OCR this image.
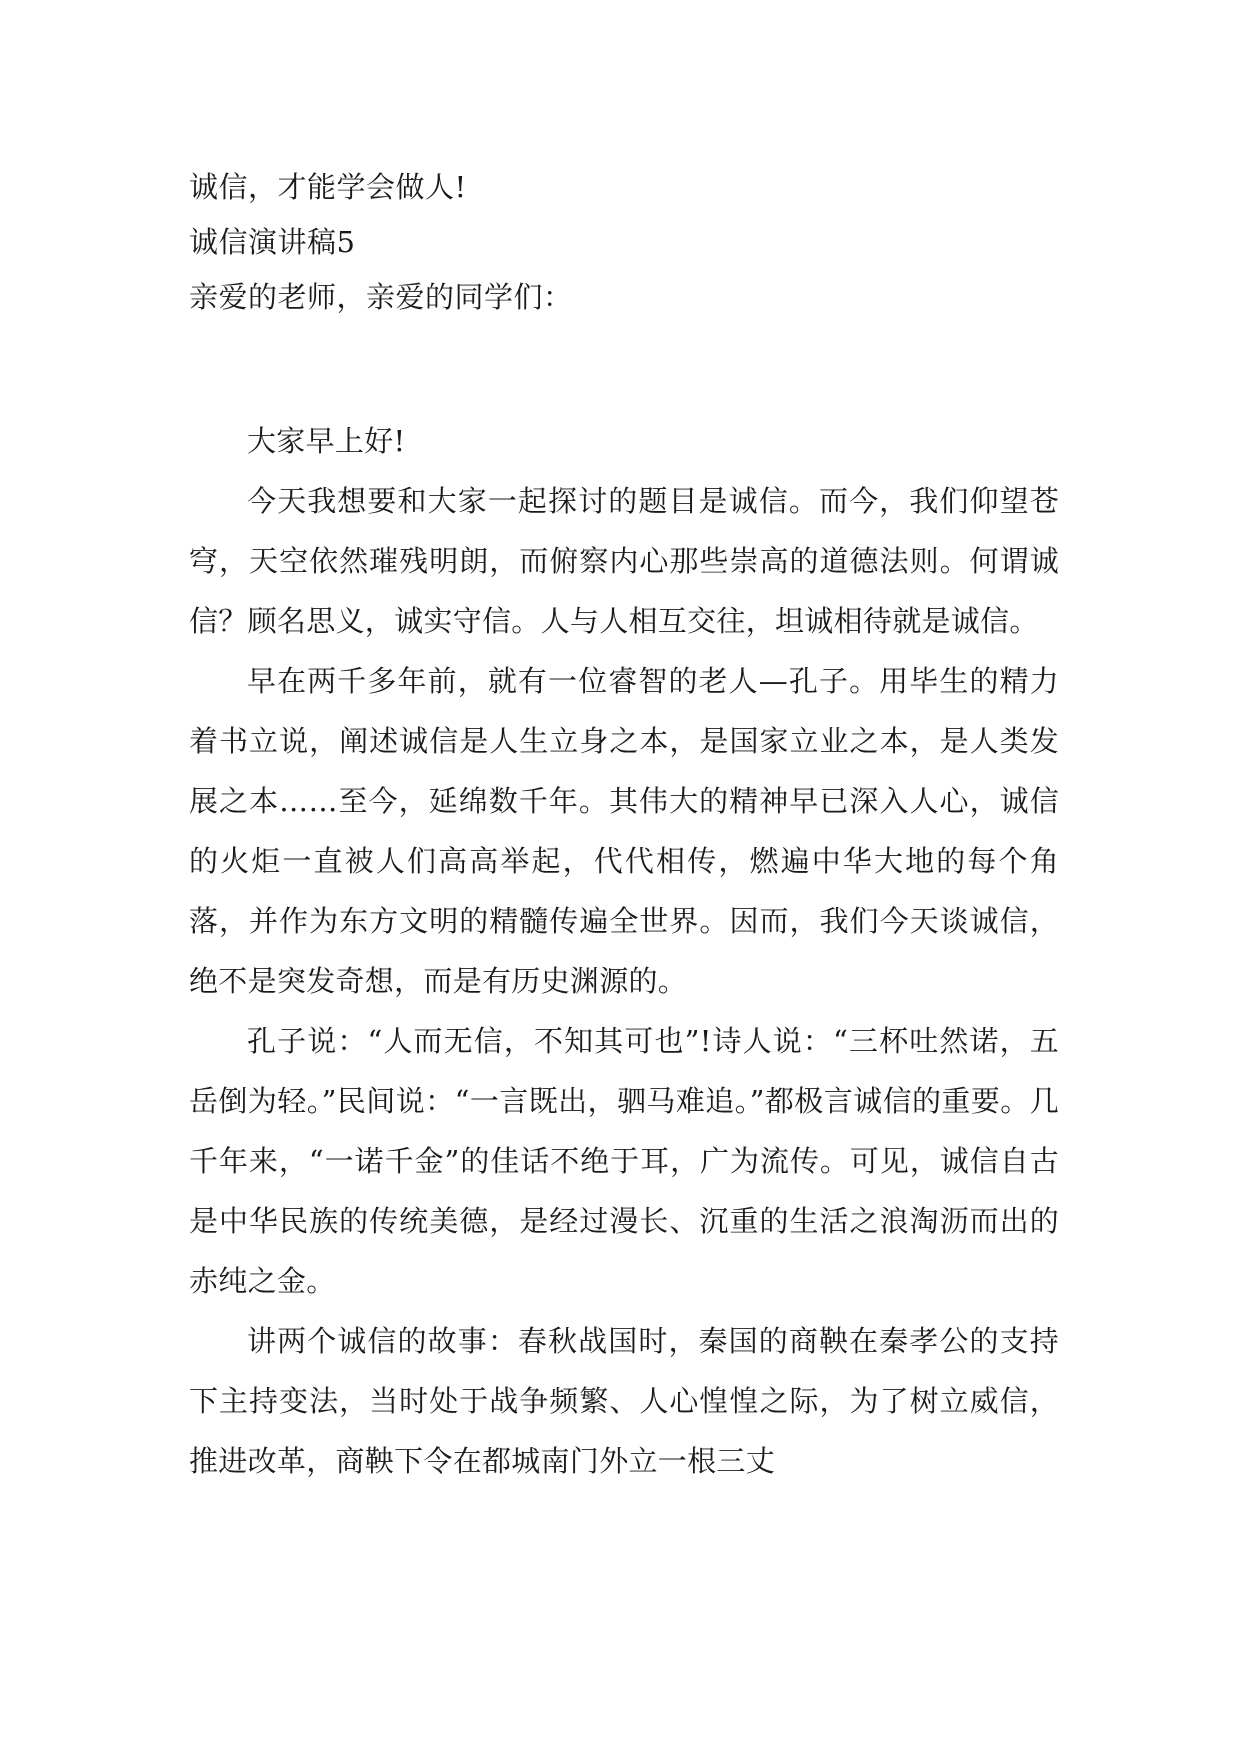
诚信，才能学会做人!

诚信演讲稿5

亲爱的老师，亲爱的同学们：

大家早上好!

今天我想要和大家一起探讨的题目是诚信。而今，我们仰望苍穹，天空依然璀残明朗，而俯察内心那些崇高的道德法则。何谓诚信？顾名思义，诚实守信。人与人相互交往，坦诚相待就是诚信。

早在两千多年前，就有一位睿智的老人—孔子。用毕生的精力着书立说，阐述诚信是人生立身之本，是国家立业之本，是人类发展之本……至今，延绵数千年。其伟大的精神早已深入人心，诚信的火炬一直被人们高高举起，代代相传，燃遍中华大地的每个角落，并作为东方文明的精髓传遍全世界。因而，我们今天谈诚信，绝不是突发奇想，而是有历史渊源的。

孔子说：“人而无信，不知其可也”!诗人说：“三杯吐然诺，五岳倒为轻。”民间说：“一言既出，驷马难追。”都极言诚信的重要。几千年来，“一诺千金”的佳话不绝于耳，广为流传。可见，诚信自古是中华民族的传统美德，是经过漫长、沉重的生活之浪淘沥而出的赤纯之金。

讲两个诚信的故事：春秋战国时，秦国的商鞅在秦孝公的支持下主持变法，当时处于战争频繁、人心惶惶之际，为了树立威信，推进改革，商鞅下令在都城南门外立一根三丈
